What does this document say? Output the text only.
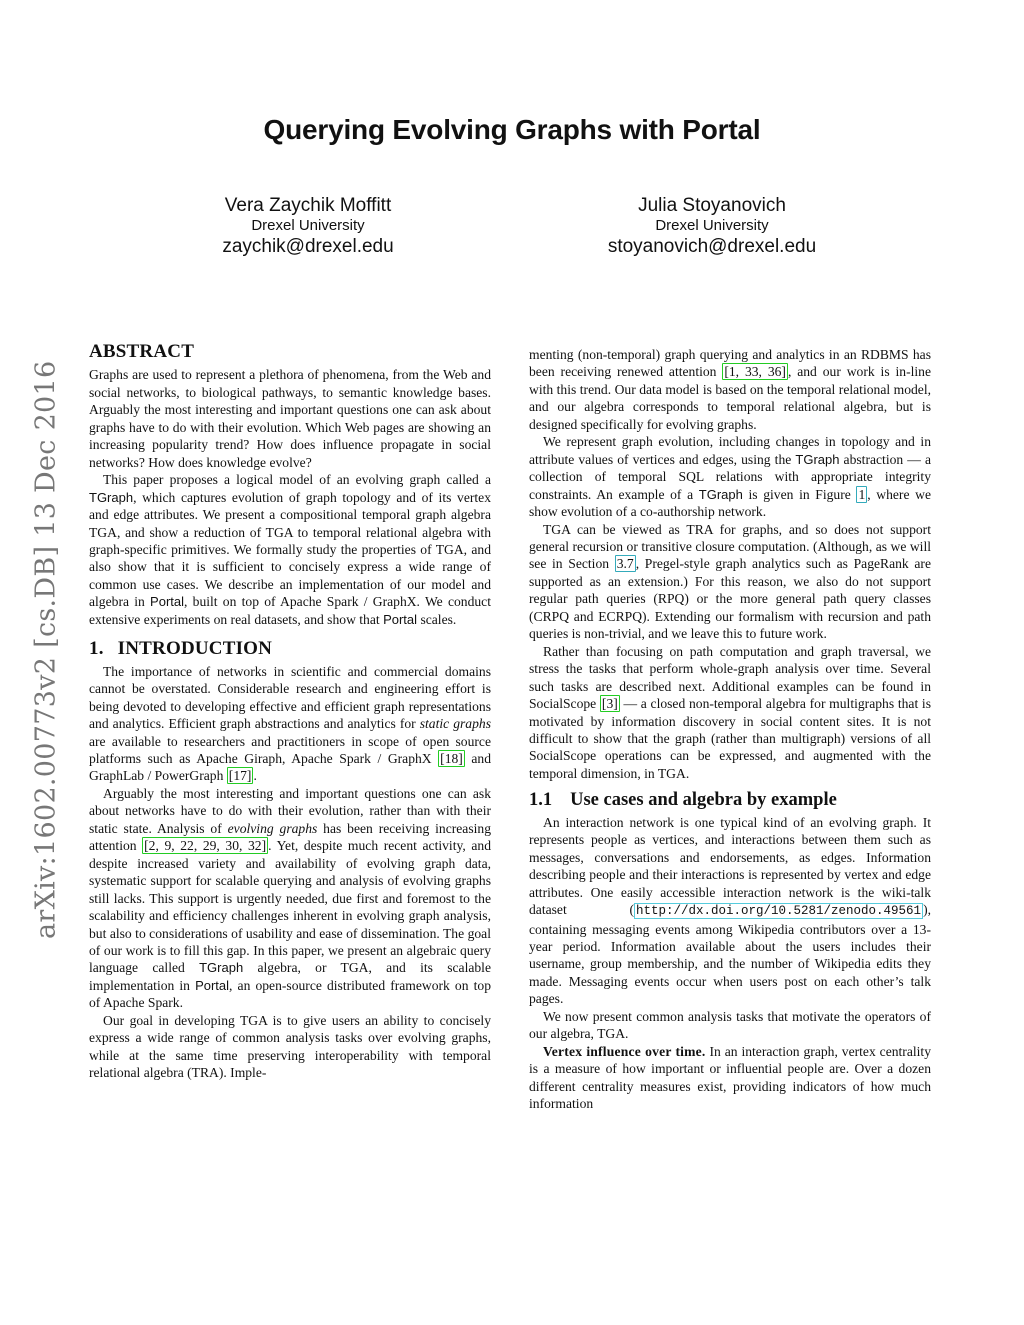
arXiv:1602.00773v2 [cs.DB] 13 Dec 2016
Querying Evolving Graphs with Portal
Vera Zaychik Moffitt
Drexel University
zaychik@drexel.edu
Julia Stoyanovich
Drexel University
stoyanovich@drexel.edu
ABSTRACT

Graphs are used to represent a plethora of phenomena, from the Web and social networks, to biological pathways, to semantic knowledge bases. Arguably the most interesting and important questions one can ask about graphs have to do with their evolution. Which Web pages are showing an increasing popularity trend? How does influence propagate in social networks? How does knowledge evolve?

This paper proposes a logical model of an evolving graph called a TGraph, which captures evolution of graph topology and of its vertex and edge attributes. We present a compositional temporal graph algebra TGA, and show a reduction of TGA to temporal relational algebra with graph-specific primitives. We formally study the properties of TGA, and also show that it is sufficient to concisely express a wide range of common use cases. We describe an implementation of our model and algebra in Portal, built on top of Apache Spark / GraphX. We conduct extensive experiments on real datasets, and show that Portal scales.

1. INTRODUCTION

The importance of networks in scientific and commercial domains cannot be overstated. Considerable research and engineering effort is being devoted to developing effective and efficient graph representations and analytics. Efficient graph abstractions and analytics for static graphs are available to researchers and practitioners in scope of open source platforms such as Apache Giraph, Apache Spark / GraphX [18] and GraphLab / PowerGraph [17] .

Arguably the most interesting and important questions one can ask about networks have to do with their evolution, rather than with their static state. Analysis of evolving graphs has been receiving increasing attention [2, 9, 22, 29, 30, 32] . Yet, despite much recent activity, and despite increased variety and availability of evolving graph data, systematic support for scalable querying and analysis of evolving graphs still lacks. This support is urgently needed, due first and foremost to the scalability and efficiency challenges inherent in evolving graph analysis, but also to considerations of usability and ease of dissemination. The goal of our work is to fill this gap. In this paper, we present an algebraic query language called TGraph algebra, or TGA, and its scalable implementation in Portal, an open-source distributed framework on top of Apache Spark.

Our goal in developing TGA is to give users an ability to concisely express a wide range of common analysis tasks over evolving graphs, while at the same time preserving interoperability with temporal relational algebra (TRA). Imple-

menting (non-temporal) graph querying and analytics in an RDBMS has been receiving renewed attention [1, 33, 36] , and our work is in-line with this trend. Our data model is based on the temporal relational model, and our algebra corresponds to temporal relational algebra, but is designed specifically for evolving graphs.

We represent graph evolution, including changes in topology and in attribute values of vertices and edges, using the TGraph abstraction — a collection of temporal SQL relations with appropriate integrity constraints. An example of a TGraph is given in Figure 1 , where we show evolution of a co-authorship network.

TGA can be viewed as TRA for graphs, and so does not support general recursion or transitive closure computation. (Although, as we will see in Section 3.7 , Pregel-style graph analytics such as PageRank are supported as an extension.) For this reason, we also do not support regular path queries (RPQ) or the more general path query classes (CRPQ and ECRPQ). Extending our formalism with recursion and path queries is non-trivial, and we leave this to future work.

Rather than focusing on path computation and graph traversal, we stress the tasks that perform whole-graph analysis over time. Several such tasks are described next. Additional examples can be found in SocialScope [3] — a closed non-temporal algebra for multigraphs that is motivated by information discovery in social content sites. It is not difficult to show that the graph (rather than multigraph) versions of all SocialScope operations can be expressed, and augmented with the temporal dimension, in TGA.

1.1 Use cases and algebra by example

An interaction network is one typical kind of an evolving graph. It represents people as vertices, and interactions between them such as messages, conversations and endorsements, as edges. Information describing people and their interactions is represented by vertex and edge attributes. One easily accessible interaction network is the wiki-talk dataset ( http://dx.doi.org/10.5281/zenodo.49561 ), containing messaging events among Wikipedia contributors over a 13-year period. Information available about the users includes their username, group membership, and the number of Wikipedia edits they made. Messaging events occur when users post on each other’s talk pages.

We now present common analysis tasks that motivate the operators of our algebra, TGA.

Vertex influence over time. In an interaction graph, vertex centrality is a measure of how important or influential people are. Over a dozen different centrality measures exist, providing indicators of how much information
